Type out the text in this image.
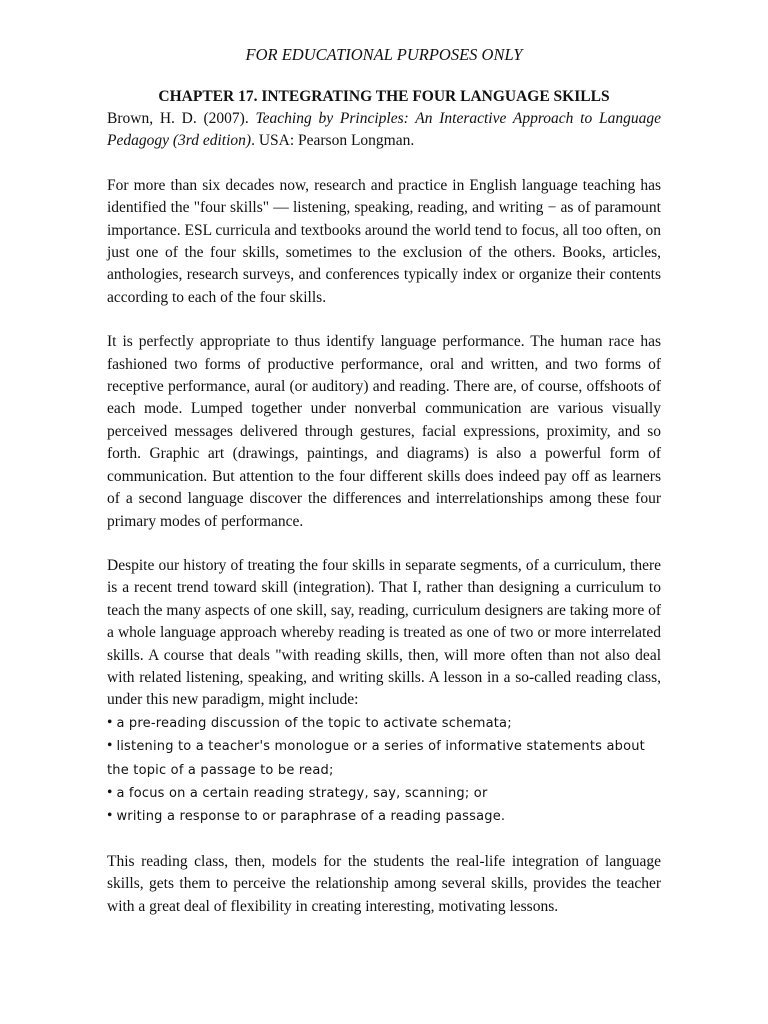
FOR EDUCATIONAL PURPOSES ONLY

CHAPTER 17. INTEGRATING THE FOUR LANGUAGE SKILLS

Brown, H. D. (2007). Teaching by Principles: An Interactive Approach to Language Pedagogy (3rd edition). USA: Pearson Longman.

For more than six decades now, research and practice in English language teaching has identified the "four skills" — listening, speaking, reading, and writing − as of paramount importance. ESL curricula and textbooks around the world tend to focus, all too often, on just one of the four skills, sometimes to the exclusion of the others. Books, articles, anthologies, research surveys, and conferences typically index or organize their contents according to each of the four skills.

It is perfectly appropriate to thus identify language performance. The human race has fashioned two forms of productive performance, oral and written, and two forms of receptive performance, aural (or auditory) and reading. There are, of course, offshoots of each mode. Lumped together under nonverbal communication are various visually perceived messages delivered through gestures, facial expressions, proximity, and so forth. Graphic art (drawings, paintings, and diagrams) is also a powerful form of communication. But attention to the four different skills does indeed pay off as learners of a second language discover the differences and interrelationships among these four primary modes of performance.

Despite our history of treating the four skills in separate segments, of a curriculum, there is a recent trend toward skill (integration). That I, rather than designing a curriculum to teach the many aspects of one skill, say, reading, curriculum designers are taking more of a whole language approach whereby reading is treated as one of two or more interrelated skills. A course that deals "with reading skills, then, will more often than not also deal with related listening, speaking, and writing skills. A lesson in a so-called reading class, under this new paradigm, might include:

• a pre-reading discussion of the topic to activate schemata;
• listening to a teacher's monologue or a series of informative statements about the topic of a passage to be read;
• a focus on a certain reading strategy, say, scanning; or
• writing a response to or paraphrase of a reading passage.

This reading class, then, models for the students the real-life integration of language skills, gets them to perceive the relationship among several skills, provides the teacher with a great deal of flexibility in creating interesting, motivating lessons.
